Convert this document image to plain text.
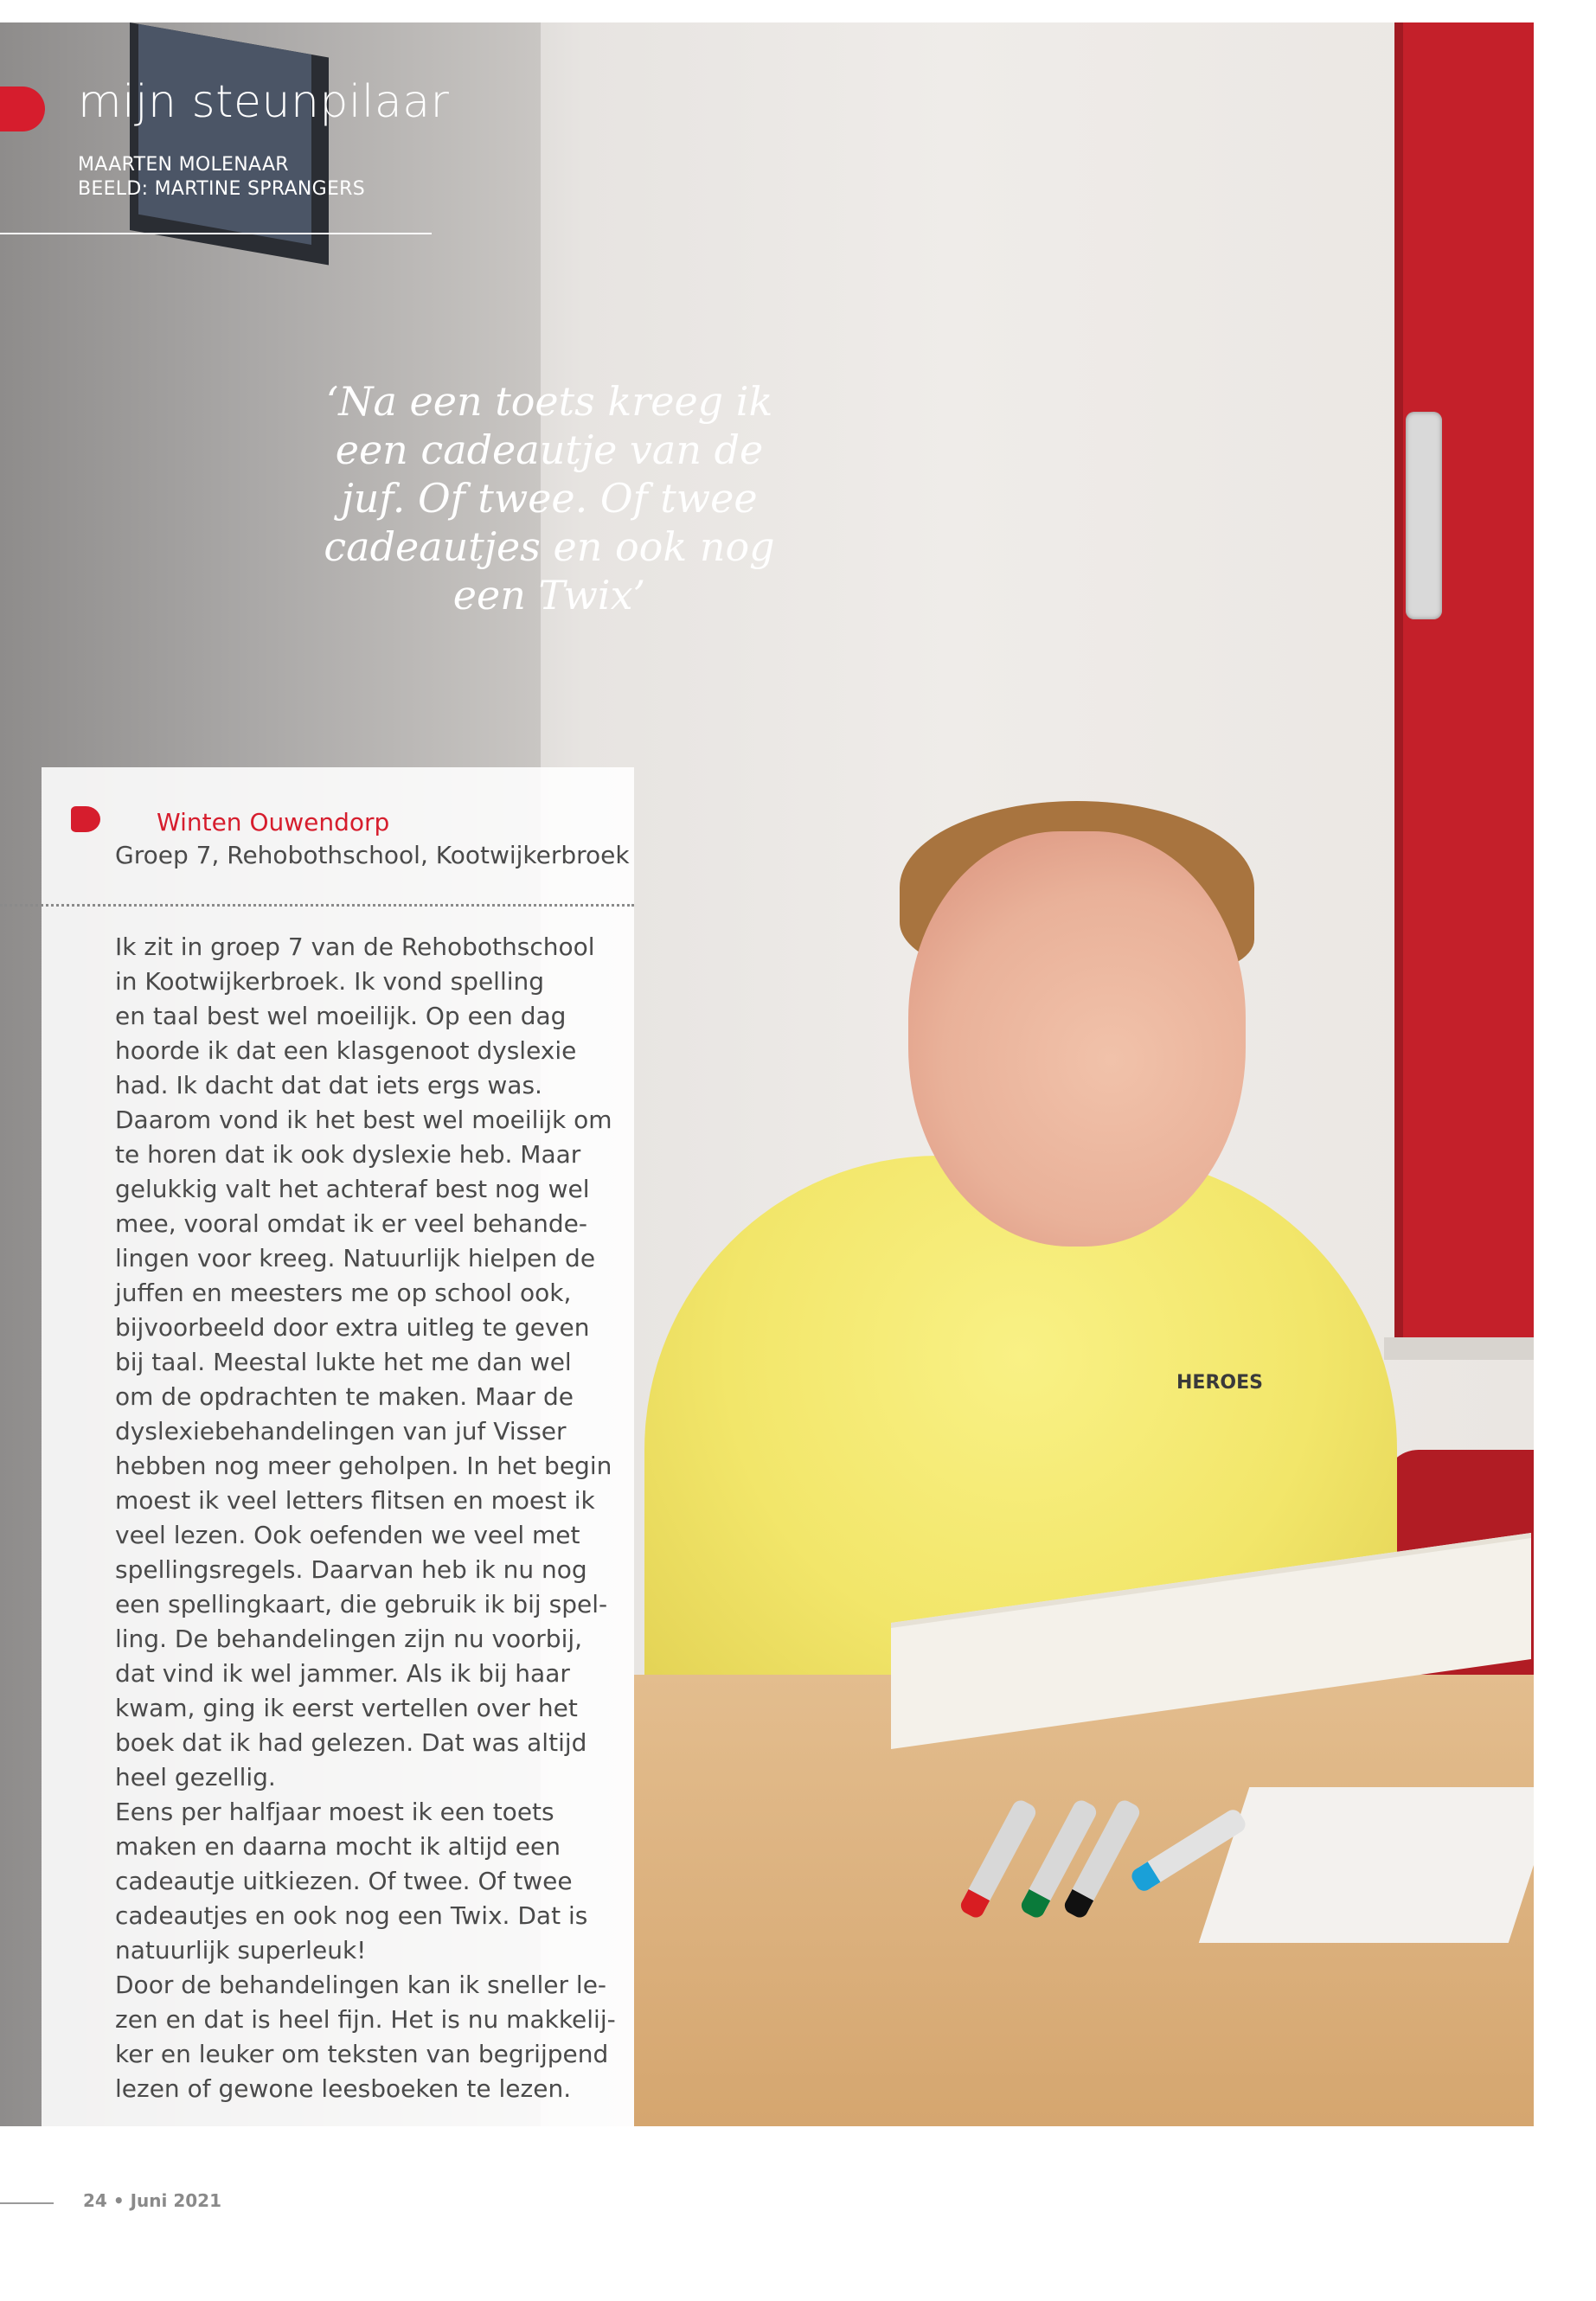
HEROES
mijn steunpilaar
MAARTEN MOLENAAR
BEELD: MARTINE SPRANGERS
‘Na een toets kreeg ik
een cadeautje van de
juf. Of twee. Of twee
cadeautjes en ook nog
een Twix’
Winten Ouwendorp
Groep 7, Rehobothschool, Kootwijkerbroek
Ik zit in groep 7 van de Rehobothschool
in Kootwijkerbroek. Ik vond spelling
en taal best wel moeilijk. Op een dag
hoorde ik dat een klasgenoot dyslexie
had. Ik dacht dat dat iets ergs was.
Daarom vond ik het best wel moeilijk om
te horen dat ik ook dyslexie heb. Maar
gelukkig valt het achteraf best nog wel
mee, vooral omdat ik er veel behande-
lingen voor kreeg. Natuurlijk hielpen de
juffen en meesters me op school ook,
bijvoorbeeld door extra uitleg te geven
bij taal. Meestal lukte het me dan wel
om de opdrachten te maken. Maar de
dyslexiebehandelingen van juf Visser
hebben nog meer geholpen. In het begin
moest ik veel letters flitsen en moest ik
veel lezen. Ook oefenden we veel met
spellingsregels. Daarvan heb ik nu nog
een spellingkaart, die gebruik ik bij spel-
ling. De behandelingen zijn nu voorbij,
dat vind ik wel jammer. Als ik bij haar
kwam, ging ik eerst vertellen over het
boek dat ik had gelezen. Dat was altijd
heel gezellig.
Eens per halfjaar moest ik een toets
maken en daarna mocht ik altijd een
cadeautje uitkiezen. Of twee. Of twee
cadeautjes en ook nog een Twix. Dat is
natuurlijk superleuk!
Door de behandelingen kan ik sneller le-
zen en dat is heel fijn. Het is nu makkelij-
ker en leuker om teksten van begrijpend
lezen of gewone leesboeken te lezen.
24 • Juni 2021
